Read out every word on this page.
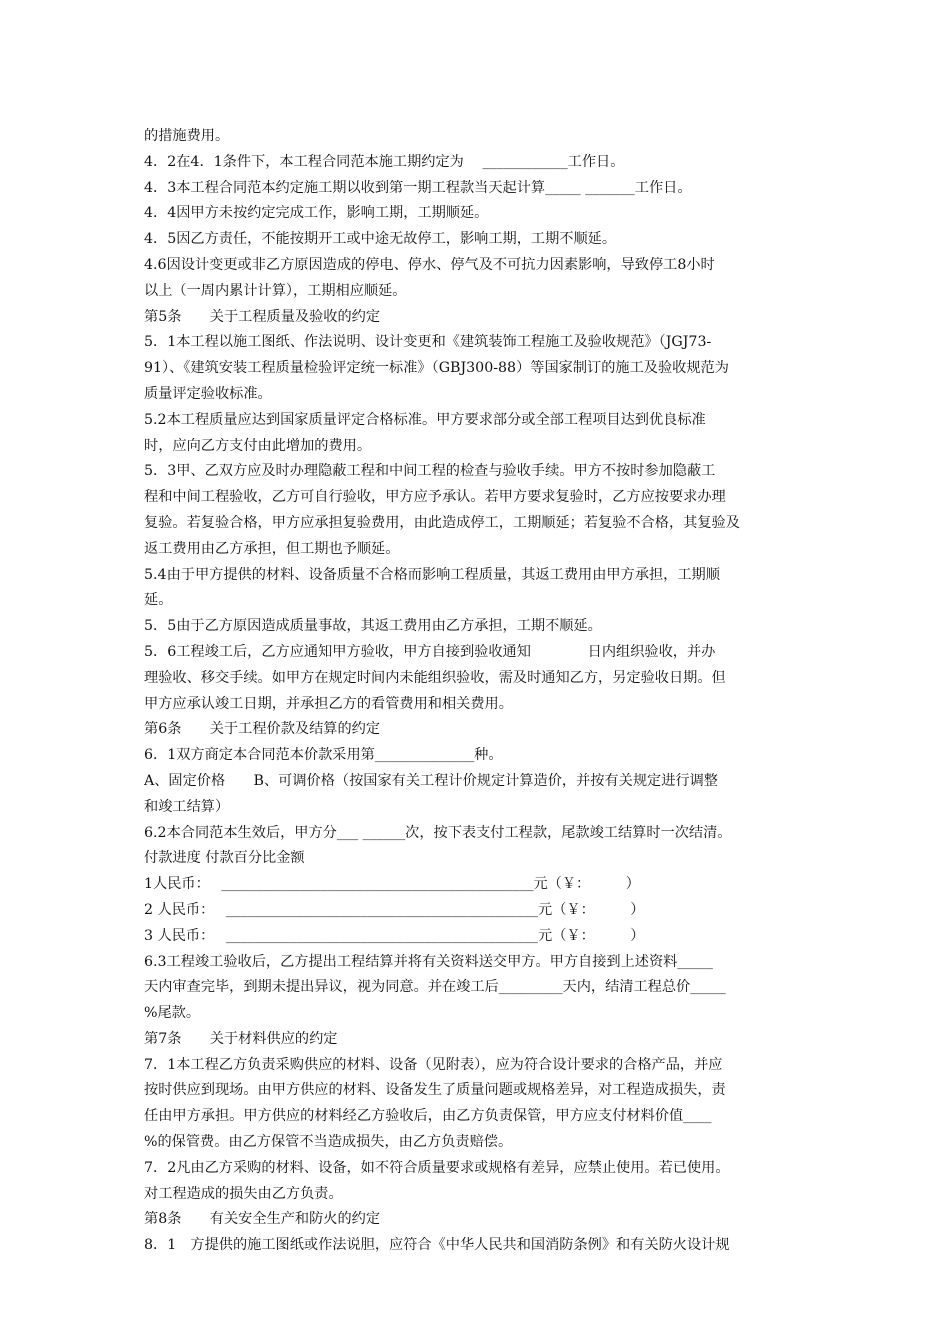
的措施费用。
4．2在4．1条件下，本工程合同范本施工期约定为　 ____________工作日。
4．3本工程合同范本约定施工期以收到第一期工程款当天起计算_____ _______工作日。
4．4因甲方未按约定完成工作，影响工期，工期顺延。
4．5因乙方责任，不能按期开工或中途无故停工，影响工期，工期不顺延。
4.6因设计变更或非乙方原因造成的停电、停水、停气及不可抗力因素影响，导致停工8小时
以上（一周内累计计算），工期相应顺延。
第5条　　关于工程质量及验收的约定
5．1本工程以施工图纸、作法说明、设计变更和《建筑装饰工程施工及验收规范》（JGJ73-
91）、《建筑安装工程质量检验评定统一标准》（GBJ300-88）等国家制订的施工及验收规范为
质量评定验收标准。
5.2本工程质量应达到国家质量评定合格标准。甲方要求部分或全部工程项目达到优良标准
时，应向乙方支付由此增加的费用。
5．3甲、乙双方应及时办理隐蔽工程和中间工程的检查与验收手续。甲方不按时参加隐蔽工
程和中间工程验收，乙方可自行验收，甲方应予承认。若甲方要求复验时，乙方应按要求办理
复验。若复验合格，甲方应承担复验费用，由此造成停工，工期顺延；若复验不合格，其复验及
返工费用由乙方承担，但工期也予顺延。
5.4由于甲方提供的材料、设备质量不合格而影响工程质量，其返工费用由甲方承担，工期顺
延。
5．5由于乙方原因造成质量事故，其返工费用由乙方承担，工期不顺延。
5．6工程竣工后，乙方应通知甲方验收，甲方自接到验收通知　　　　日内组织验收，并办
理验收、移交手续。如甲方在规定时间内未能组织验收，需及时通知乙方，另定验收日期。但
甲方应承认竣工日期，并承担乙方的看管费用和相关费用。
第6条　　关于工程价款及结算的约定
6．1双方商定本合同范本价款采用第______________种。
A、固定价格　　B、可调价格（按国家有关工程计价规定计算造价，并按有关规定进行调整
和竣工结算）
6.2本合同范本生效后，甲方分___ ______次，按下表支付工程款，尾款竣工结算时一次结清。
付款进度 付款百分比金额
1人民币：　 ____________________________________________元（￥：　　　）
2 人民币：　 ____________________________________________元（￥：　　　）
3 人民币：　 ____________________________________________元（￥：　　　）
6.3工程竣工验收后，乙方提出工程结算并将有关资料送交甲方。甲方自接到上述资料_____
天内审查完毕，到期未提出异议，视为同意。并在竣工后_________天内，结清工程总价_____
%尾款。
第7条　　关于材料供应的约定
7．1本工程乙方负责采购供应的材料、设备（见附表），应为符合设计要求的合格产品，并应
按时供应到现场。由甲方供应的材料、设备发生了质量问题或规格差异，对工程造成损失，责
任由甲方承担。甲方供应的材料经乙方验收后，由乙方负责保管，甲方应支付材料价值____
%的保管费。由乙方保管不当造成损失，由乙方负责赔偿。
7．2凡由乙方采购的材料、设备，如不符合质量要求或规格有差异，应禁止使用。若已使用。
对工程造成的损失由乙方负责。
第8条　　有关安全生产和防火的约定
8．1　方提供的施工图纸或作法说胆，应符合《中华人民共和国消防条例》和有关防火设计规
